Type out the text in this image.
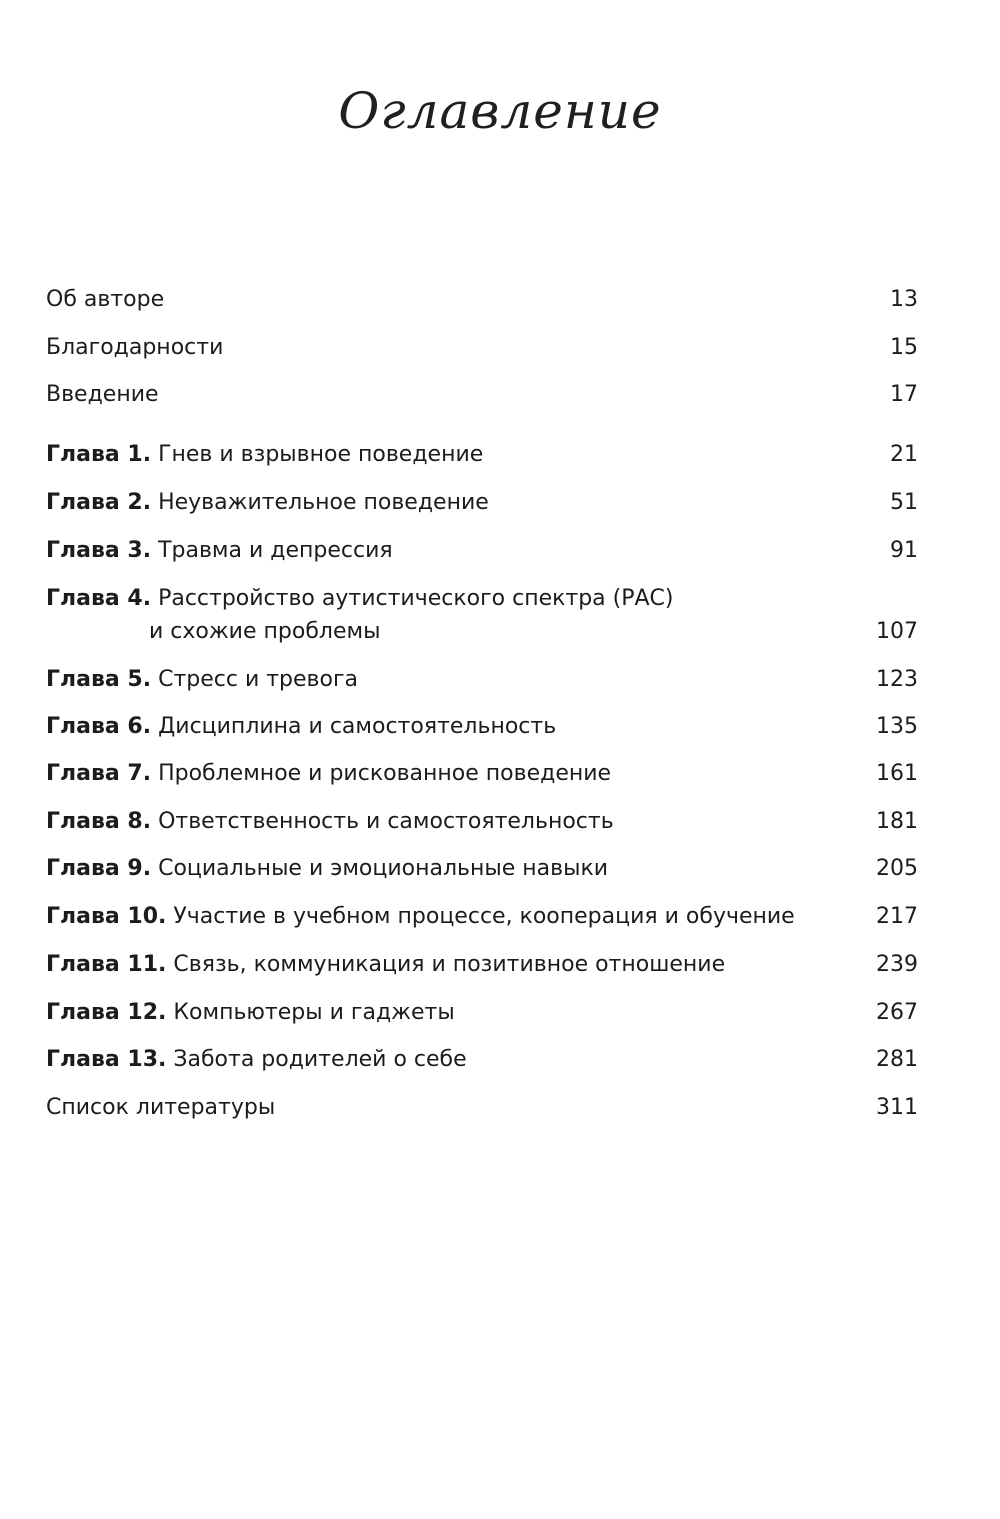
Оглавление
Об авторе	13
Благодарности	15
Введение	17
Глава 1. Гнев и взрывное поведение	21
Глава 2. Неуважительное поведение	51
Глава 3. Травма и депрессия	91
Глава 4. Расстройство аутистического спектра (РАС)
и схожие проблемы	107
Глава 5. Стресс и тревога	123
Глава 6. Дисциплина и самостоятельность	135
Глава 7. Проблемное и рискованное поведение	161
Глава 8. Ответственность и самостоятельность	181
Глава 9. Социальные и эмоциональные навыки	205
Глава 10. Участие в учебном процессе, кооперация и обучение	217
Глава 11. Связь, коммуникация и позитивное отношение	239
Глава 12. Компьютеры и гаджеты	267
Глава 13. Забота родителей о себе	281
Список литературы	311
